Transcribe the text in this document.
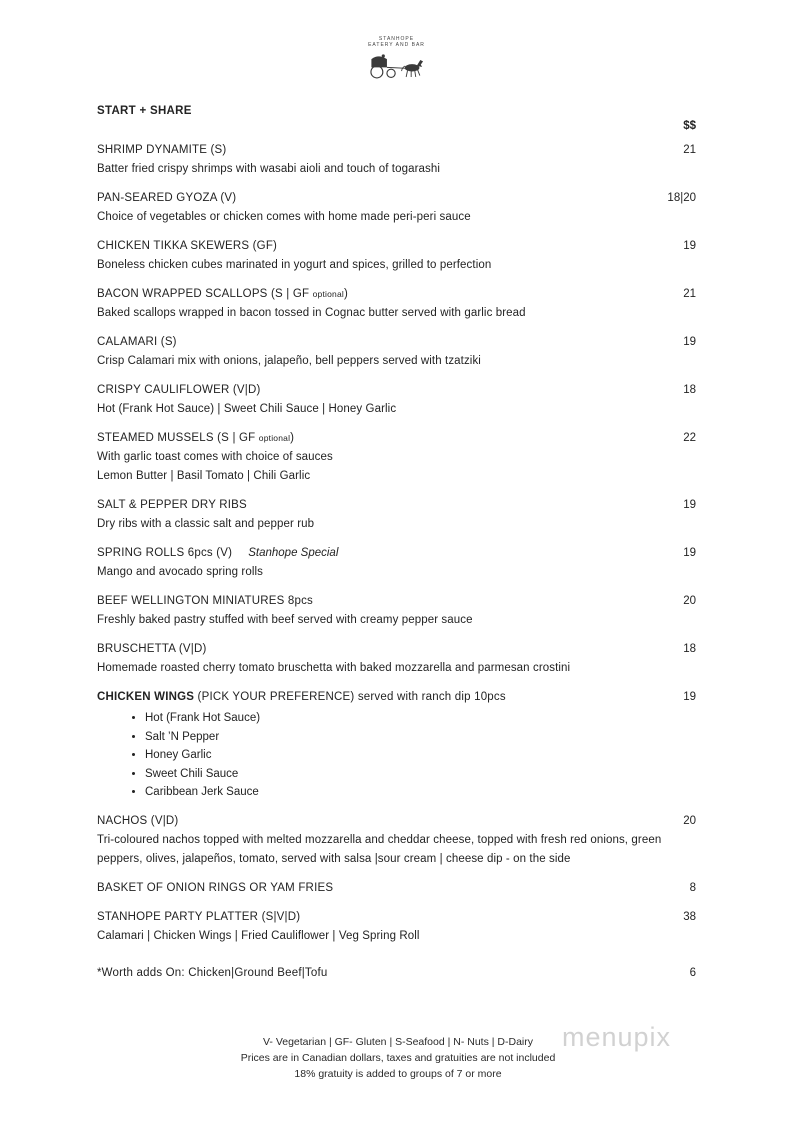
STANHOPE
EATERY AND BAR
START + SHARE
$$
SHRIMP DYNAMITE (S)	21
Batter fried crispy shrimps with wasabi aioli and touch of togarashi
PAN-SEARED GYOZA (V)	18|20
Choice of vegetables or chicken comes with home made peri-peri sauce
CHICKEN TIKKA SKEWERS (GF)	19
Boneless chicken cubes marinated in yogurt and spices, grilled to perfection
BACON WRAPPED SCALLOPS (S | GF optional)	21
Baked scallops wrapped in bacon tossed in Cognac butter served with garlic bread
CALAMARI (S)	19
Crisp Calamari mix with onions, jalapeño, bell peppers served with tzatziki
CRISPY CAULIFLOWER (V|D)	18
Hot (Frank Hot Sauce) | Sweet Chili Sauce | Honey Garlic
STEAMED MUSSELS (S | GF optional)	22
With garlic toast comes with choice of sauces
Lemon Butter | Basil Tomato | Chili Garlic
SALT & PEPPER DRY RIBS	19
Dry ribs with a classic salt and pepper rub
SPRING ROLLS 6pcs (V) Stanhope Special	19
Mango and avocado spring rolls
BEEF WELLINGTON MINIATURES 8pcs	20
Freshly baked pastry stuffed with beef served with creamy pepper sauce
BRUSCHETTA (V|D)	18
Homemade roasted cherry tomato bruschetta with baked mozzarella and parmesan crostini
CHICKEN WINGS (PICK YOUR PREFERENCE) served with ranch dip 10pcs	19
• Hot (Frank Hot Sauce)
• Salt ’N Pepper
• Honey Garlic
• Sweet Chili Sauce
• Caribbean Jerk Sauce
NACHOS (V|D)	20
Tri-coloured nachos topped with melted mozzarella and cheddar cheese, topped with fresh red onions, green peppers, olives, jalapeños, tomato, served with salsa |sour cream | cheese dip - on the side
BASKET OF ONION RINGS OR YAM FRIES	8
STANHOPE PARTY PLATTER (S|V|D)	38
Calamari | Chicken Wings | Fried Cauliflower | Veg Spring Roll
*Worth adds On: Chicken|Ground Beef|Tofu	6
V- Vegetarian | GF- Gluten | S-Seafood | N- Nuts | D-Dairy
Prices are in Canadian dollars, taxes and gratuities are not included
18% gratuity is added to groups of 7 or more
menupix
